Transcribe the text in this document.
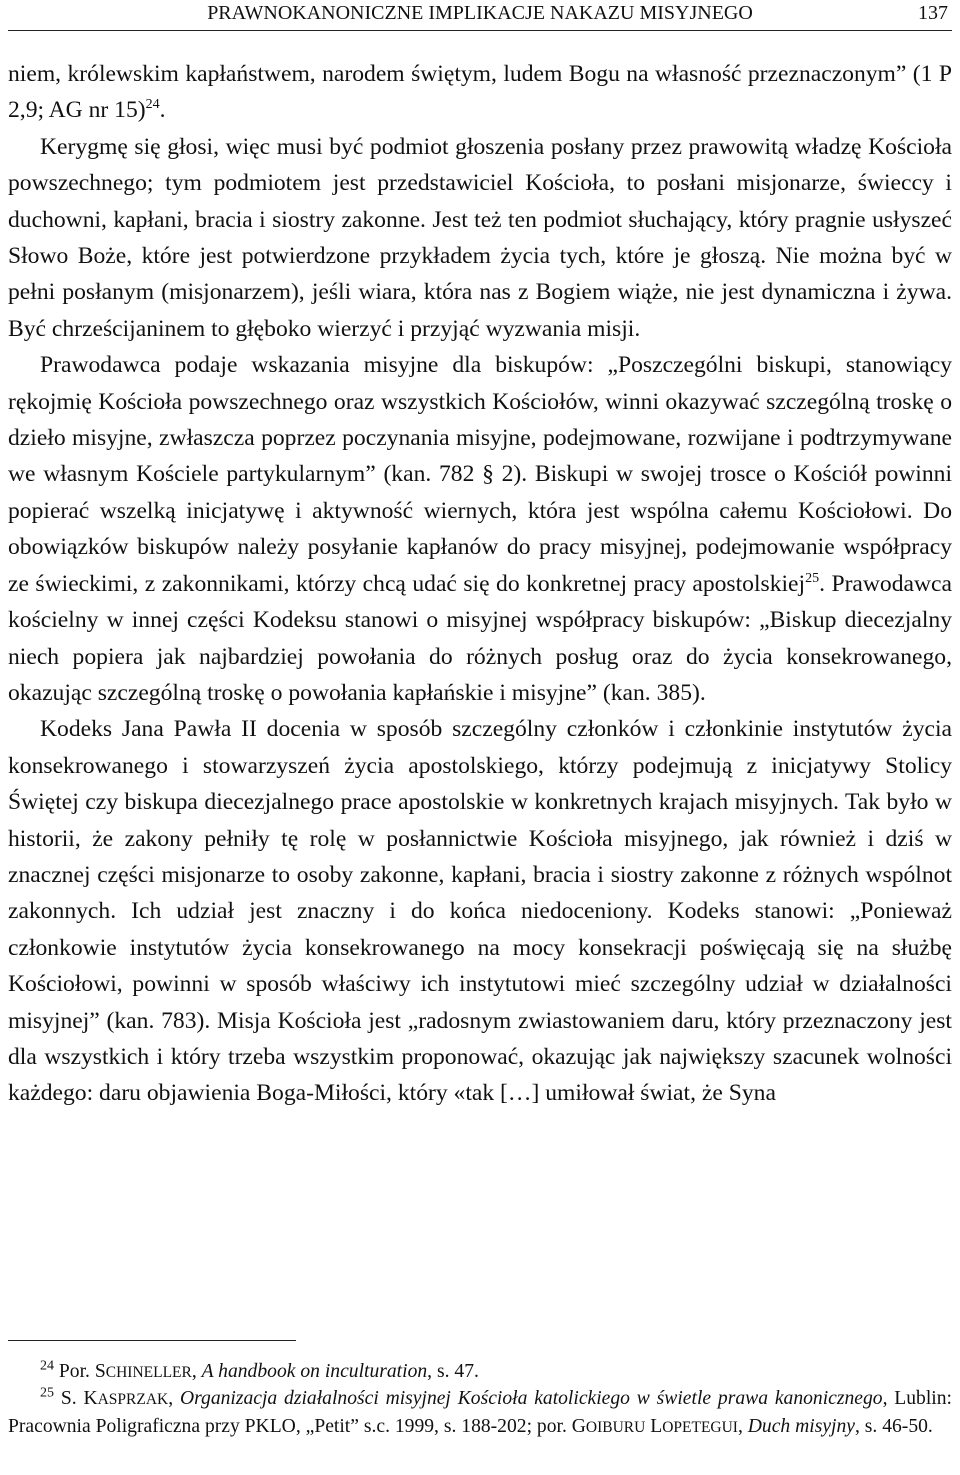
PRAWNOKANONICZNE IMPLIKACJE NAKAZU MISYJNEGO	137

niem, królewskim kapłaństwem, narodem świętym, ludem Bogu na własność przeznaczonym” (1 P 2,9; AG nr 15)$^{24}$.

Kerygmę się głosi, więc musi być podmiot głoszenia posłany przez prawowitą władzę Kościoła powszechnego; tym podmiotem jest przedstawiciel Kościoła, to posłani misjonarze, świeccy i duchowni, kapłani, bracia i siostry zakonne. Jest też ten podmiot słuchający, który pragnie usłyszeć Słowo Boże, które jest potwierdzone przykładem życia tych, które je głoszą. Nie można być w pełni posłanym (misjonarzem), jeśli wiara, która nas z Bogiem wiąże, nie jest dynamiczna i żywa. Być chrześcijaninem to głęboko wierzyć i przyjąć wyzwania misji.

Prawodawca podaje wskazania misyjne dla biskupów: „Poszczególni biskupi, stanowiący rękojmię Kościoła powszechnego oraz wszystkich Kościołów, winni okazywać szczególną troskę o dzieło misyjne, zwłaszcza poprzez poczynania misyjne, podejmowane, rozwijane i podtrzymywane we własnym Kościele partykularnym” (kan. 782 § 2). Biskupi w swojej trosce o Kościół powinni popierać wszelką inicjatywę i aktywność wiernych, która jest wspólna całemu Kościołowi. Do obowiązków biskupów należy posyłanie kapłanów do pracy misyjnej, podejmowanie współpracy ze świeckimi, z zakonnikami, którzy chcą udać się do konkretnej pracy apostolskiej$^{25}$. Prawodawca kościelny w innej części Kodeksu stanowi o misyjnej współpracy biskupów: „Biskup diecezjalny niech popiera jak najbardziej powołania do różnych posług oraz do życia konsekrowanego, okazując szczególną troskę o powołania kapłańskie i misyjne” (kan. 385).

Kodeks Jana Pawła II docenia w sposób szczególny członków i członkinie instytutów życia konsekrowanego i stowarzyszeń życia apostolskiego, którzy podejmują z inicjatywy Stolicy Świętej czy biskupa diecezjalnego prace apostolskie w konkretnych krajach misyjnych. Tak było w historii, że zakony pełniły tę rolę w posłannictwie Kościoła misyjnego, jak również i dziś w znacznej części misjonarze to osoby zakonne, kapłani, bracia i siostry zakonne z różnych wspólnot zakonnych. Ich udział jest znaczny i do końca niedoceniony. Kodeks stanowi: „Ponieważ członkowie instytutów życia konsekrowanego na mocy konsekracji poświęcają się na służbę Kościołowi, powinni w sposób właściwy ich instytutowi mieć szczególny udział w działalności misyjnej” (kan. 783). Misja Kościoła jest „radosnym zwiastowaniem daru, który przeznaczony jest dla wszystkich i który trzeba wszystkim proponować, okazując jak największy szacunek wolności każdego: daru objawienia Boga-Miłości, który «tak […] umiłował świat, że Syna

$^{24}$ Por. SCHINELLER, A handbook on inculturation, s. 47.

$^{25}$ S. KASPRZAK, Organizacja działalności misyjnej Kościoła katolickiego w świetle prawa kanonicznego, Lublin: Pracownia Poligraficzna przy PKLO, „Petit” s.c. 1999, s. 188-202; por. GOIBURU LOPETEGUI, Duch misyjny, s. 46-50.
